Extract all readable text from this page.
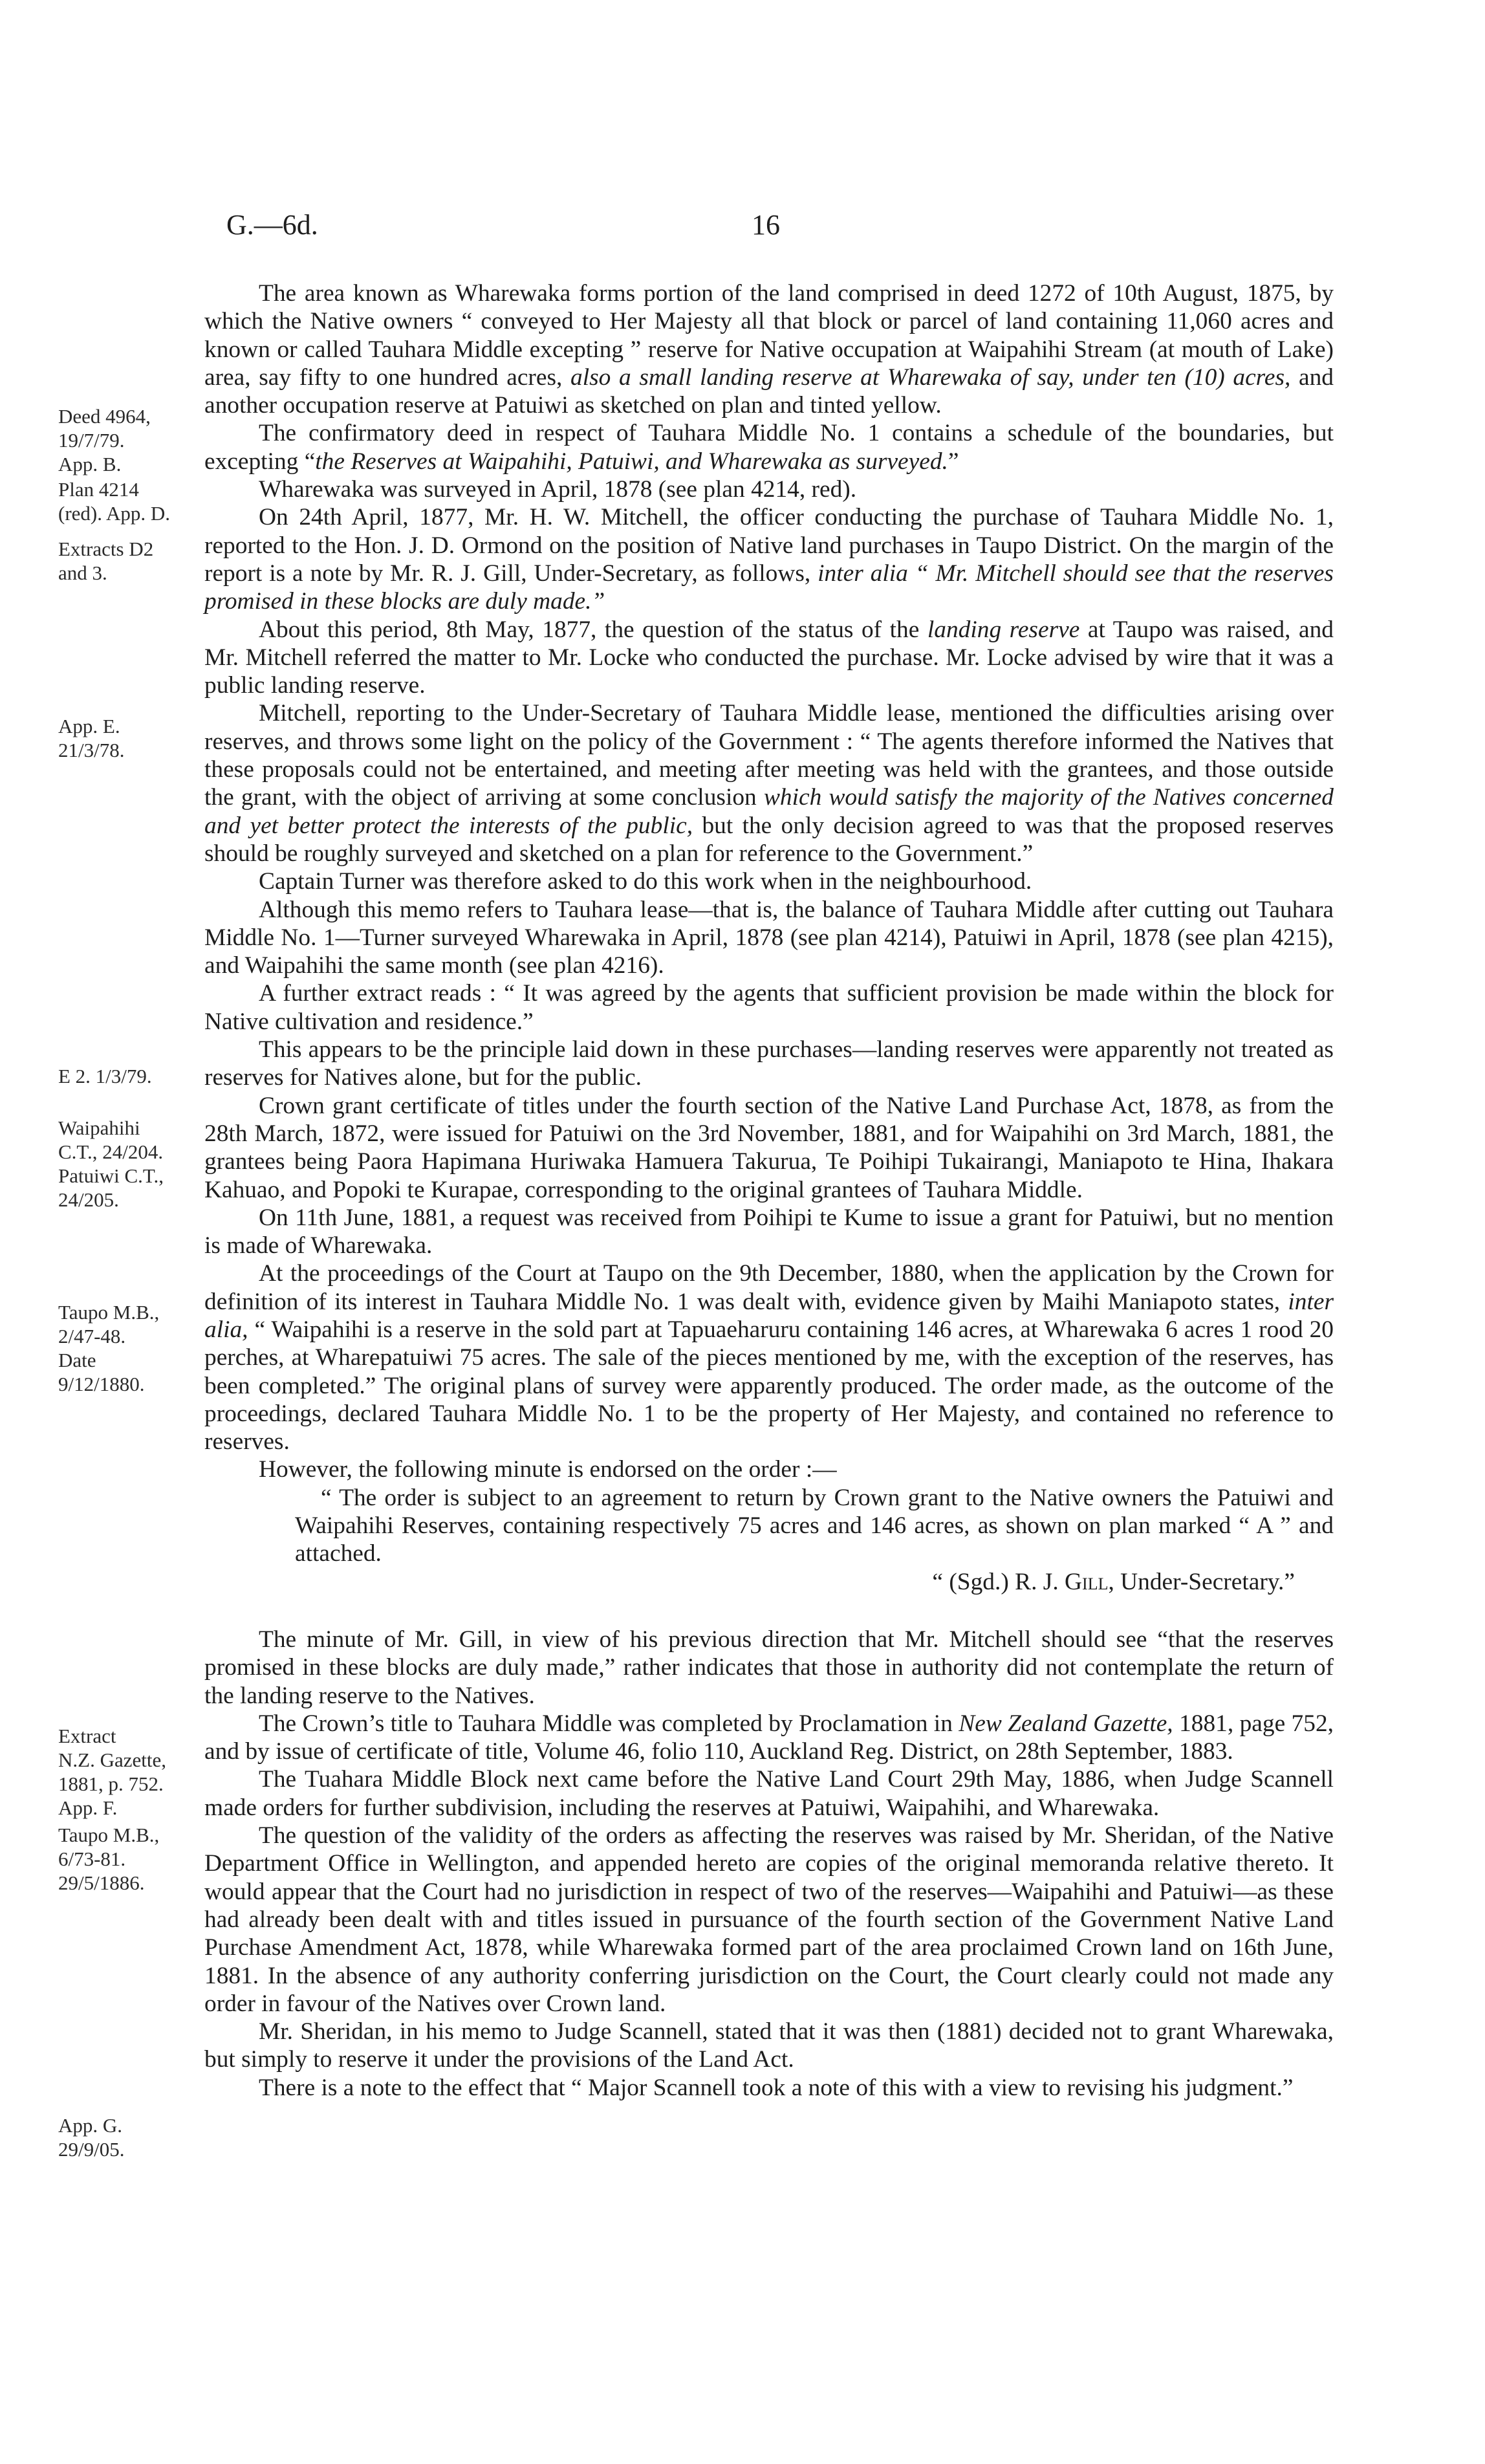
G.—6d.	16
Deed 4964,
19/7/79.
App. B.
Plan 4214
(red). App. D.
Extracts D2
and 3.
App. E.
21/3/78.
E 2. 1/3/79.
Waipahihi
C.T., 24/204.
Patuiwi C.T.,
24/205.
Taupo M.B.,
2/47-48.
Date
9/12/1880.
Extract
N.Z. Gazette,
1881, p. 752.
App. F.
Taupo M.B.,
6/73-81.
29/5/1886.
App. G.
29/9/05.

The area known as Wharewaka forms portion of the land comprised in deed 1272 of 10th August, 1875, by which the Native owners “ conveyed to Her Majesty all that block or parcel of land containing 11,060 acres and known or called Tauhara Middle excepting ” reserve for Native occupation at Waipahihi Stream (at mouth of Lake) area, say fifty to one hundred acres, also a small landing reserve at Wharewaka of say, under ten (10) acres, and another occupation reserve at Patuiwi as sketched on plan and tinted yellow.

The confirmatory deed in respect of Tauhara Middle No. 1 contains a schedule of the boundaries, but excepting “the Reserves at Waipahihi, Patuiwi, and Wharewaka as surveyed.”

Wharewaka was surveyed in April, 1878 (see plan 4214, red).

On 24th April, 1877, Mr. H. W. Mitchell, the officer conducting the purchase of Tauhara Middle No. 1, reported to the Hon. J. D. Ormond on the position of Native land purchases in Taupo District. On the margin of the report is a note by Mr. R. J. Gill, Under-Secretary, as follows, inter alia “ Mr. Mitchell should see that the reserves promised in these blocks are duly made.”

About this period, 8th May, 1877, the question of the status of the landing reserve at Taupo was raised, and Mr. Mitchell referred the matter to Mr. Locke who conducted the purchase. Mr. Locke advised by wire that it was a public landing reserve.

Mitchell, reporting to the Under-Secretary of Tauhara Middle lease, mentioned the difficulties arising over reserves, and throws some light on the policy of the Government : “ The agents therefore informed the Natives that these proposals could not be entertained, and meeting after meeting was held with the grantees, and those outside the grant, with the object of arriving at some conclusion which would satisfy the majority of the Natives concerned and yet better protect the interests of the public, but the only decision agreed to was that the proposed reserves should be roughly surveyed and sketched on a plan for reference to the Government.”

Captain Turner was therefore asked to do this work when in the neighbourhood.

Although this memo refers to Tauhara lease—that is, the balance of Tauhara Middle after cutting out Tauhara Middle No. 1—Turner surveyed Wharewaka in April, 1878 (see plan 4214), Patuiwi in April, 1878 (see plan 4215), and Waipahihi the same month (see plan 4216).

A further extract reads : “ It was agreed by the agents that sufficient provision be made within the block for Native cultivation and residence.”

This appears to be the principle laid down in these purchases—landing reserves were apparently not treated as reserves for Natives alone, but for the public.

Crown grant certificate of titles under the fourth section of the Native Land Purchase Act, 1878, as from the 28th March, 1872, were issued for Patuiwi on the 3rd November, 1881, and for Waipahihi on 3rd March, 1881, the grantees being Paora Hapimana Huriwaka Hamuera Takurua, Te Poihipi Tukairangi, Maniapoto te Hina, Ihakara Kahuao, and Popoki te Kurapae, corresponding to the original grantees of Tauhara Middle.

On 11th June, 1881, a request was received from Poihipi te Kume to issue a grant for Patuiwi, but no mention is made of Wharewaka.

At the proceedings of the Court at Taupo on the 9th December, 1880, when the application by the Crown for definition of its interest in Tauhara Middle No. 1 was dealt with, evidence given by Maihi Maniapoto states, inter alia, “ Waipahihi is a reserve in the sold part at Tapuaeharuru containing 146 acres, at Wharewaka 6 acres 1 rood 20 perches, at Wharepatuiwi 75 acres. The sale of the pieces mentioned by me, with the exception of the reserves, has been completed.” The original plans of survey were apparently produced. The order made, as the outcome of the proceedings, declared Tauhara Middle No. 1 to be the property of Her Majesty, and contained no reference to reserves.

However, the following minute is endorsed on the order :—

“ The order is subject to an agreement to return by Crown grant to the Native owners the Patuiwi and Waipahihi Reserves, containing respectively 75 acres and 146 acres, as shown on plan marked “ A ” and attached.

“ (Sgd.) R. J. Gill, Under-Secretary.”

The minute of Mr. Gill, in view of his previous direction that Mr. Mitchell should see “that the reserves promised in these blocks are duly made,” rather indicates that those in authority did not contemplate the return of the landing reserve to the Natives.

The Crown’s title to Tauhara Middle was completed by Proclamation in New Zealand Gazette, 1881, page 752, and by issue of certificate of title, Volume 46, folio 110, Auckland Reg. District, on 28th September, 1883.

The Tuahara Middle Block next came before the Native Land Court 29th May, 1886, when Judge Scannell made orders for further subdivision, including the reserves at Patuiwi, Waipahihi, and Wharewaka.

The question of the validity of the orders as affecting the reserves was raised by Mr. Sheridan, of the Native Department Office in Wellington, and appended hereto are copies of the original memoranda relative thereto. It would appear that the Court had no jurisdiction in respect of two of the reserves—Waipahihi and Patuiwi—as these had already been dealt with and titles issued in pursuance of the fourth section of the Government Native Land Purchase Amendment Act, 1878, while Wharewaka formed part of the area proclaimed Crown land on 16th June, 1881. In the absence of any authority conferring jurisdiction on the Court, the Court clearly could not made any order in favour of the Natives over Crown land.

Mr. Sheridan, in his memo to Judge Scannell, stated that it was then (1881) decided not to grant Wharewaka, but simply to reserve it under the provisions of the Land Act.

There is a note to the effect that “ Major Scannell took a note of this with a view to revising his judgment.”
